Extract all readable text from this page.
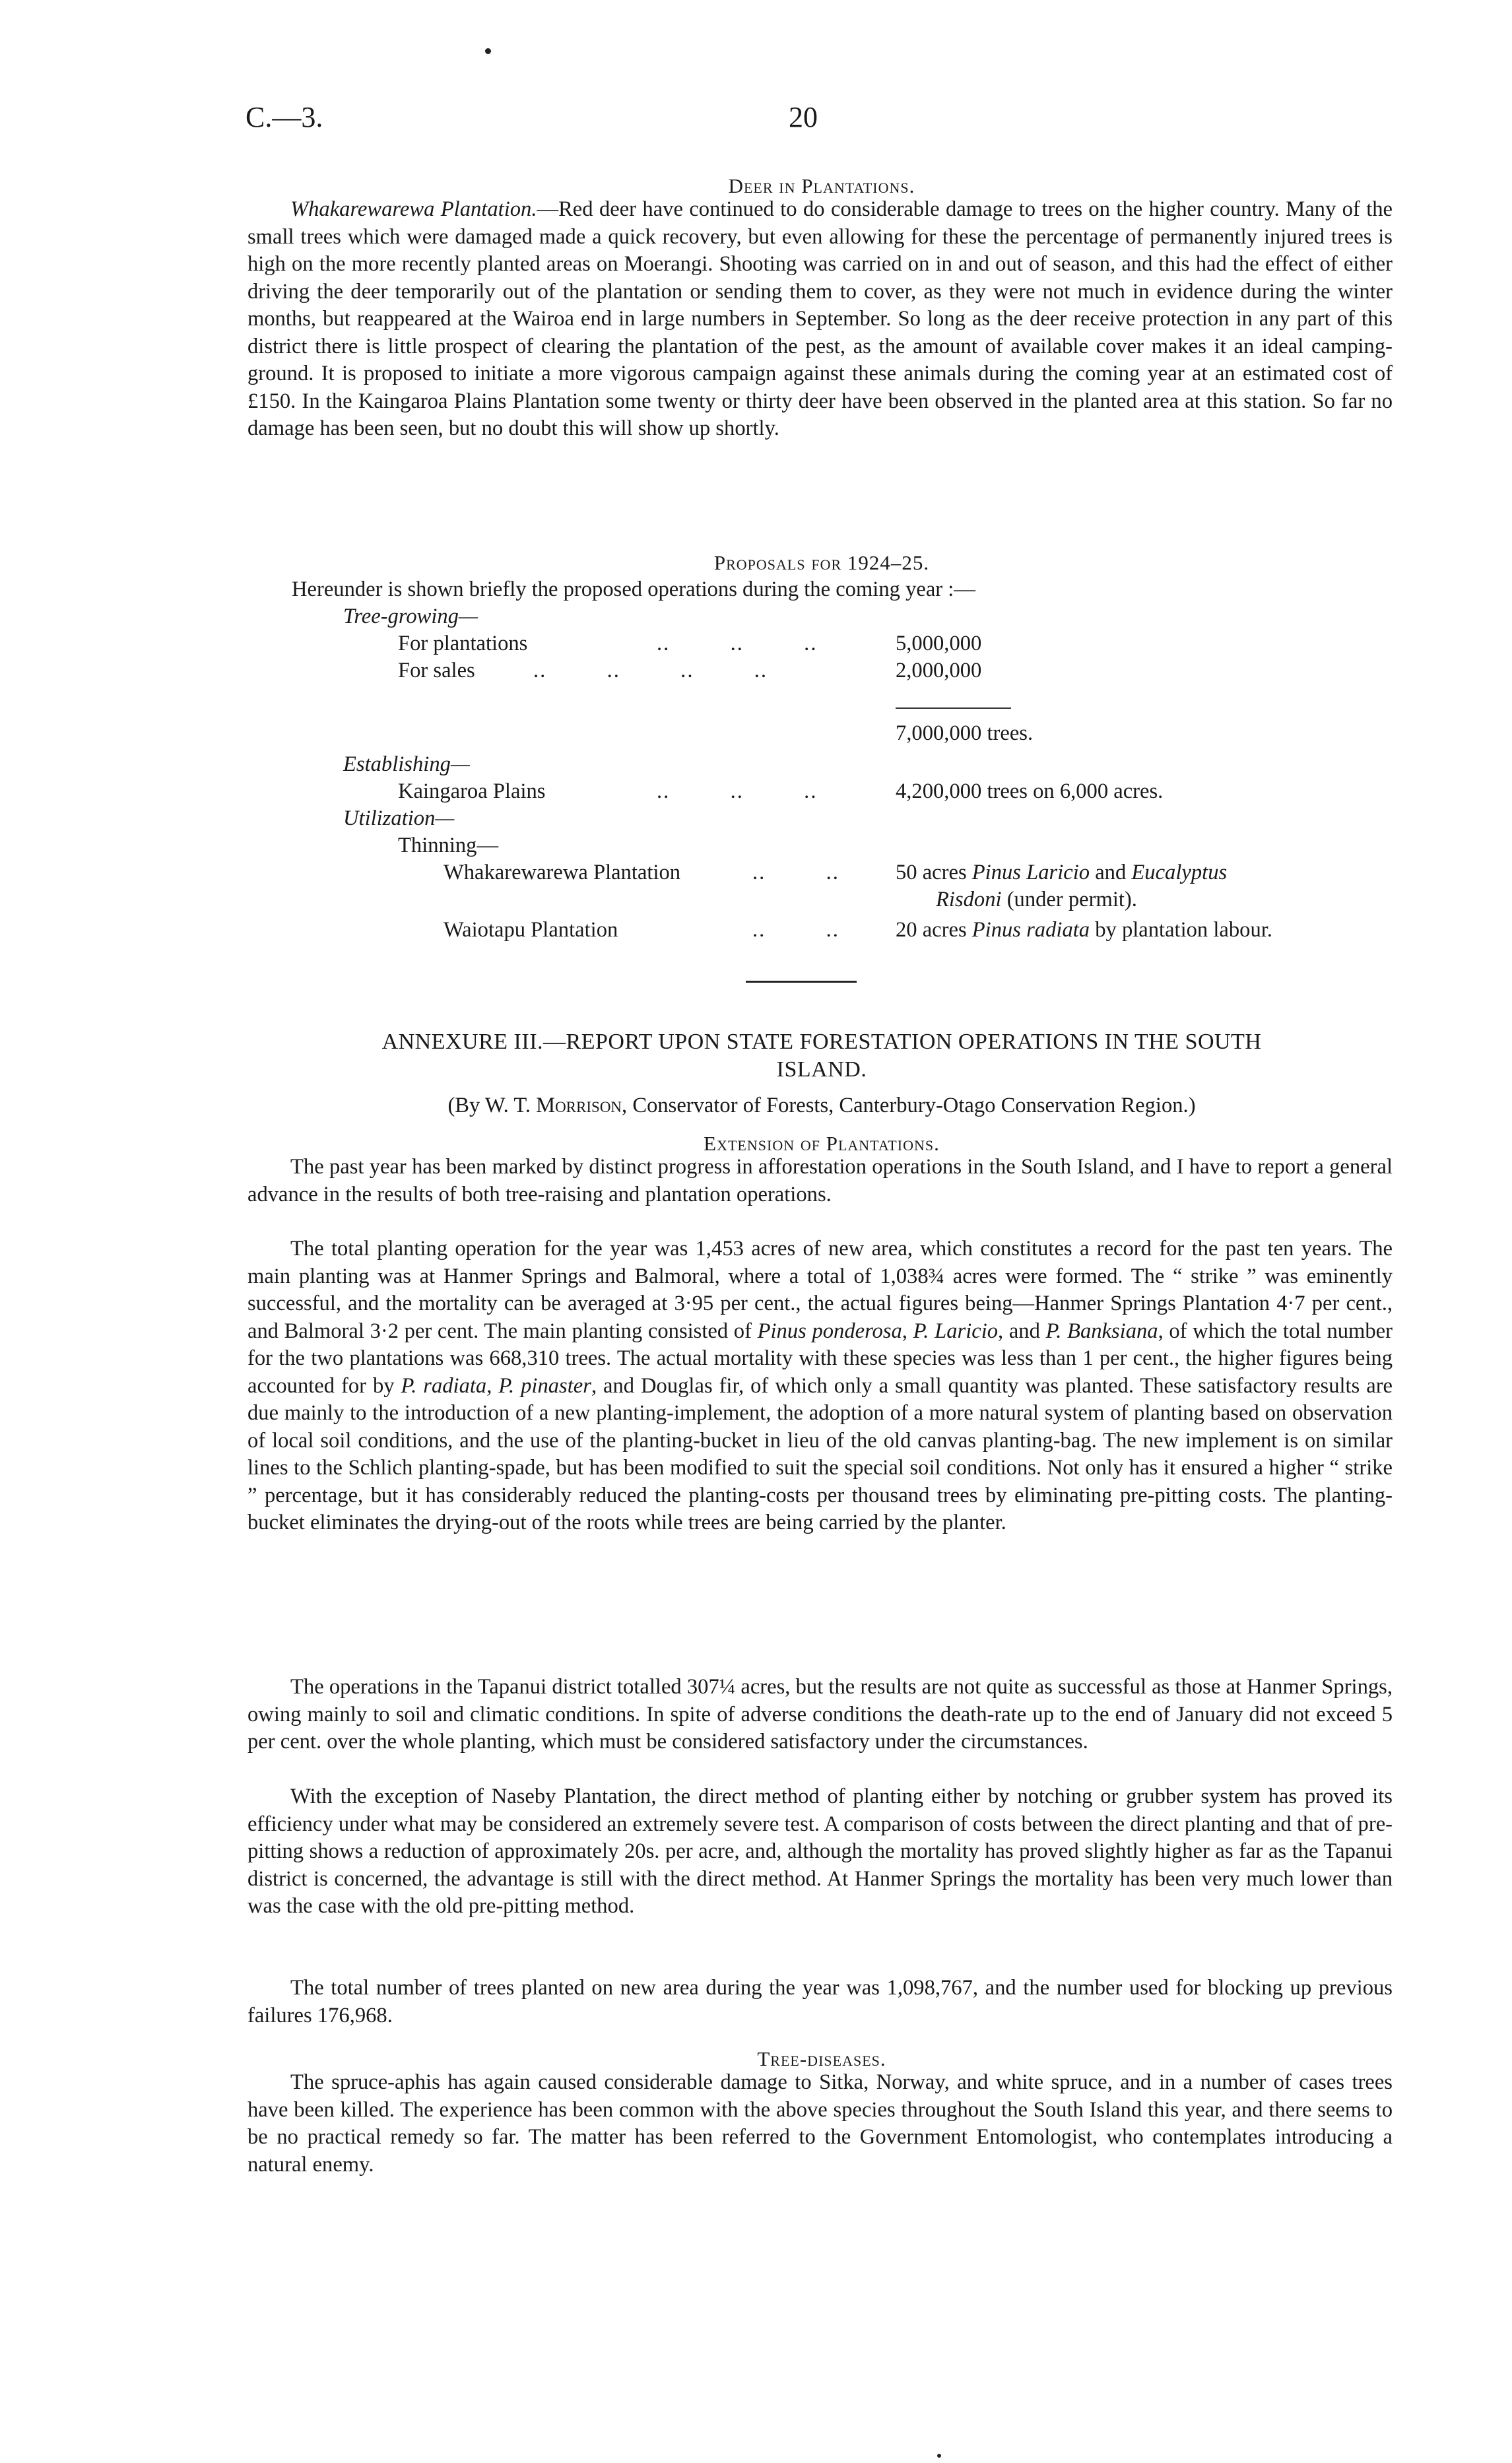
C.—3.	20
Deer in Plantations.

Whakarewarewa Plantation.—Red deer have continued to do considerable damage to trees on the higher country. Many of the small trees which were damaged made a quick recovery, but even allowing for these the percentage of permanently injured trees is high on the more recently planted areas on Moerangi. Shooting was carried on in and out of season, and this had the effect of either driving the deer temporarily out of the plantation or sending them to cover, as they were not much in evidence during the winter months, but reappeared at the Wairoa end in large numbers in September. So long as the deer receive protection in any part of this district there is little prospect of clearing the plantation of the pest, as the amount of available cover makes it an ideal camping-ground. It is proposed to initiate a more vigorous campaign against these animals during the coming year at an estimated cost of £150. In the Kaingaroa Plains Plantation some twenty or thirty deer have been observed in the planted area at this station. So far no damage has been seen, but no doubt this will show up shortly.

Proposals for 1924–25.
Hereunder is shown briefly the proposed operations during the coming year :—
Tree-growing—
For plantations	..         ..         ..	5,000,000
For sales	..         ..         ..         ..	2,000,000
7,000,000 trees.
Establishing—
Kaingaroa Plains	..         ..         ..	4,200,000 trees on 6,000 acres.
Utilization—
Thinning—
Whakarewarewa Plantation	..         ..	50 acres Pinus Laricio and Eucalyptus
Risdoni (under permit).
Waiotapu Plantation	..         ..	20 acres Pinus radiata by plantation labour.
ANNEXURE III.—REPORT UPON STATE FORESTATION OPERATIONS IN THE SOUTH
ISLAND.
(By W. T. Morrison, Conservator of Forests, Canterbury-Otago Conservation Region.)
Extension of Plantations.

The past year has been marked by distinct progress in afforestation operations in the South Island, and I have to report a general advance in the results of both tree-raising and plantation operations.

The total planting operation for the year was 1,453 acres of new area, which constitutes a record for the past ten years. The main planting was at Hanmer Springs and Balmoral, where a total of 1,038¾ acres were formed. The “ strike ” was eminently successful, and the mortality can be averaged at 3·95 per cent., the actual figures being—Hanmer Springs Plantation 4·7 per cent., and Balmoral 3·2 per cent. The main planting consisted of Pinus ponderosa, P. Laricio, and P. Banksiana, of which the total number for the two plantations was 668,310 trees. The actual mortality with these species was less than 1 per cent., the higher figures being accounted for by P. radiata, P. pinaster, and Douglas fir, of which only a small quantity was planted. These satisfactory results are due mainly to the introduction of a new planting-implement, the adoption of a more natural system of planting based on observation of local soil conditions, and the use of the planting-bucket in lieu of the old canvas planting-bag. The new implement is on similar lines to the Schlich planting-spade, but has been modified to suit the special soil conditions. Not only has it ensured a higher “ strike ” percentage, but it has considerably reduced the planting-costs per thousand trees by eliminating pre-pitting costs. The planting-bucket eliminates the drying-out of the roots while trees are being carried by the planter.

The operations in the Tapanui district totalled 307¼ acres, but the results are not quite as successful as those at Hanmer Springs, owing mainly to soil and climatic conditions. In spite of adverse conditions the death-rate up to the end of January did not exceed 5 per cent. over the whole planting, which must be considered satisfactory under the circumstances.

With the exception of Naseby Plantation, the direct method of planting either by notching or grubber system has proved its efficiency under what may be considered an extremely severe test. A comparison of costs between the direct planting and that of pre-pitting shows a reduction of approximately 20s. per acre, and, although the mortality has proved slightly higher as far as the Tapanui district is concerned, the advantage is still with the direct method. At Hanmer Springs the mortality has been very much lower than was the case with the old pre-pitting method.

The total number of trees planted on new area during the year was 1,098,767, and the number used for blocking up previous failures 176,968.

Tree-diseases.

The spruce-aphis has again caused considerable damage to Sitka, Norway, and white spruce, and in a number of cases trees have been killed. The experience has been common with the above species throughout the South Island this year, and there seems to be no practical remedy so far. The matter has been referred to the Government Entomologist, who contemplates introducing a natural enemy.
